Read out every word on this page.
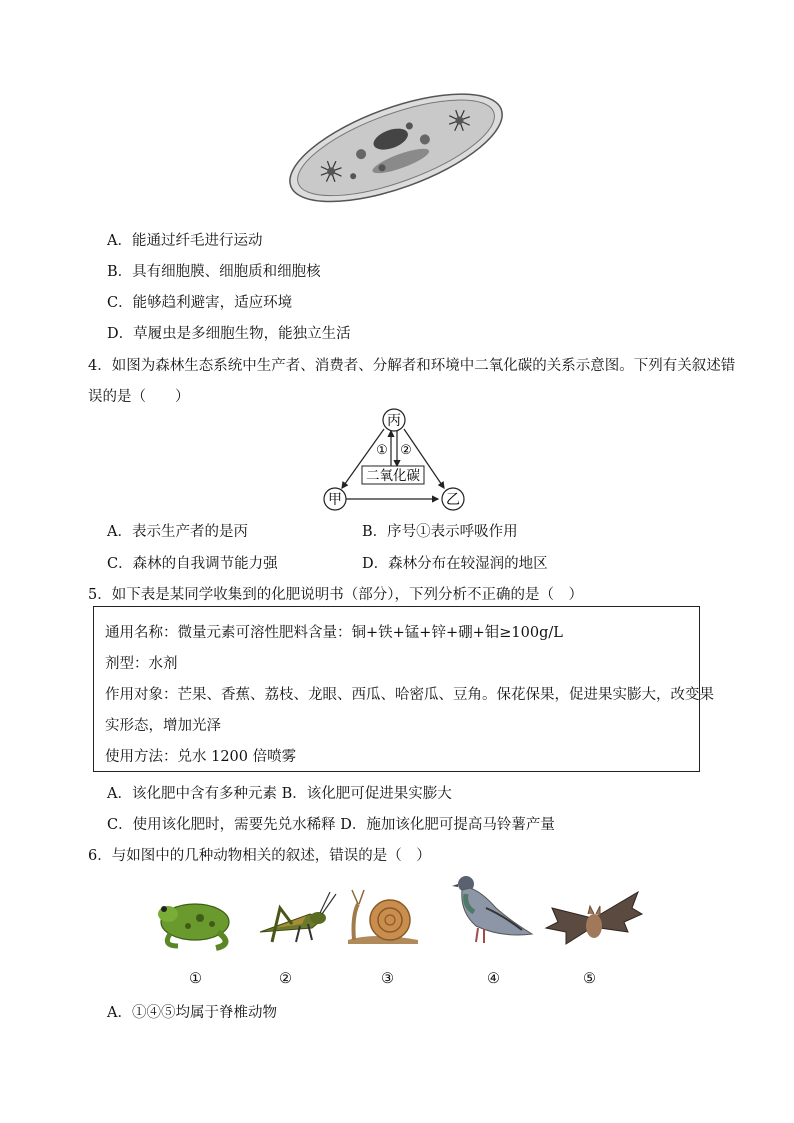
A．能通过纤毛进行运动
B．具有细胞膜、细胞质和细胞核
C．能够趋利避害，适应环境
D．草履虫是多细胞生物，能独立生活
4．如图为森林生态系统中生产者、消费者、分解者和环境中二氧化碳的关系示意图。下列有关叙述错
误的是（　　）
丙
甲	乙
二氧化碳
① ②
A．表示生产者的是丙	B．序号①表示呼吸作用
C．森林的自我调节能力强	D．森林分布在较湿润的地区
5．如下表是某同学收集到的化肥说明书（部分），下列分析不正确的是（　）
通用名称：微量元素可溶性肥料含量：铜+铁+锰+锌+硼+钼≥100g/L
剂型：水剂
作用对象：芒果、香蕉、荔枝、龙眼、西瓜、哈密瓜、豆角。保花保果，促进果实膨大，改变果
实形态，增加光泽
使用方法：兑水 1200 倍喷雾
A．该化肥中含有多种元素 B．该化肥可促进果实膨大
C．使用该化肥时，需要先兑水稀释 D．施加该化肥可提高马铃薯产量
6．与如图中的几种动物相关的叙述，错误的是（　）
①	②	③	④	⑤
A．①④⑤均属于脊椎动物
